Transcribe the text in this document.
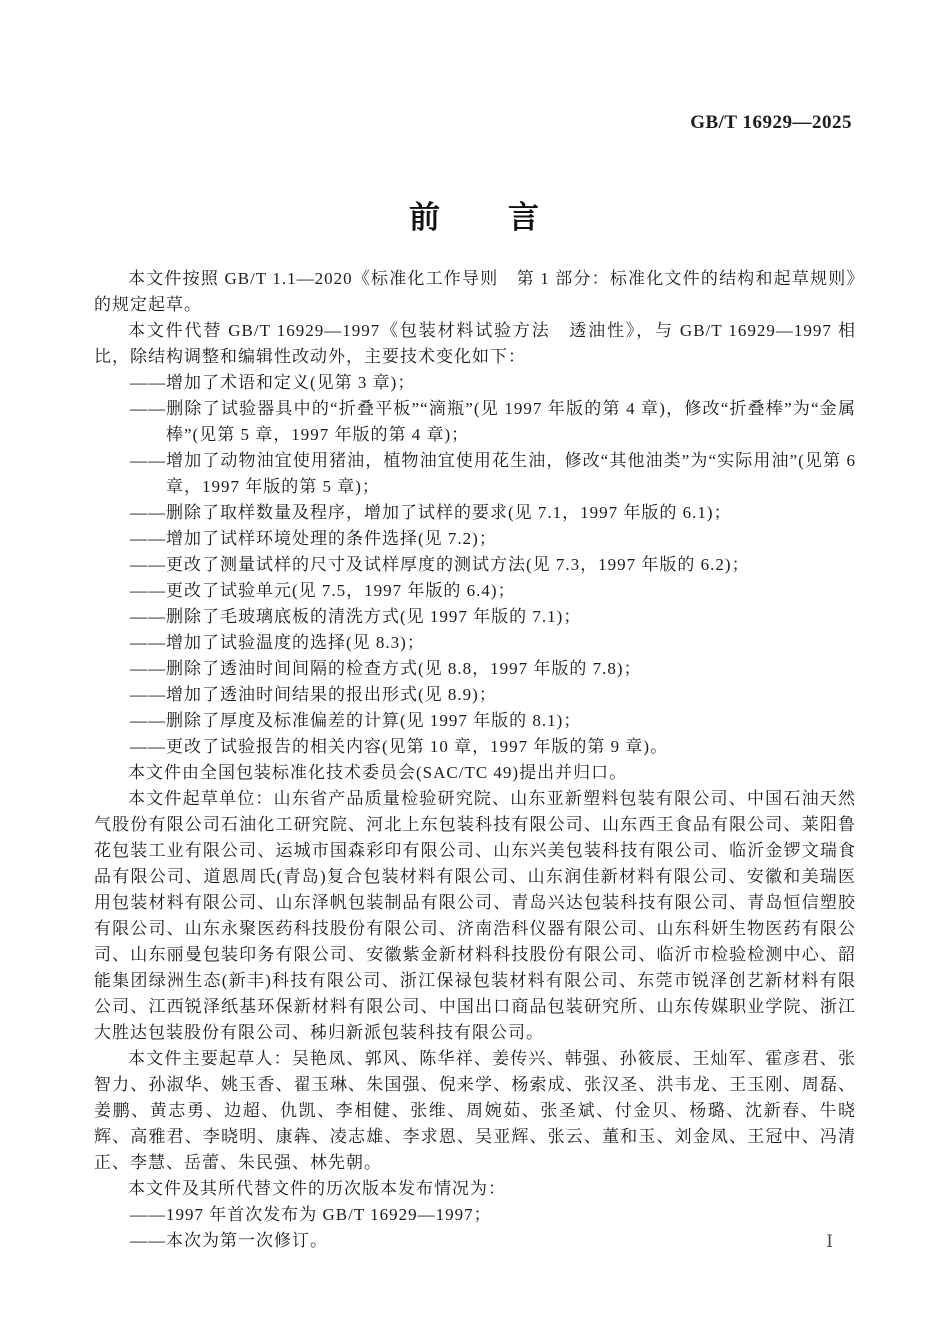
GB/T 16929—2025
前　　言

本文件按照 GB/T 1.1—2020《标准化工作导则　第 1 部分：标准化文件的结构和起草规则》的规定起草。

本文件代替 GB/T 16929—1997《包装材料试验方法　透油性》，与 GB/T 16929—1997 相比，除结构调整和编辑性改动外，主要技术变化如下：

——增加了术语和定义(见第 3 章)；
——删除了试验器具中的“折叠平板”“滴瓶”(见 1997 年版的第 4 章)，修改“折叠棒”为“金属棒”(见第 5 章，1997 年版的第 4 章)；
——增加了动物油宜使用猪油，植物油宜使用花生油，修改“其他油类”为“实际用油”(见第 6 章，1997 年版的第 5 章)；
——删除了取样数量及程序，增加了试样的要求(见 7.1，1997 年版的 6.1)；
——增加了试样环境处理的条件选择(见 7.2)；
——更改了测量试样的尺寸及试样厚度的测试方法(见 7.3，1997 年版的 6.2)；
——更改了试验单元(见 7.5，1997 年版的 6.4)；
——删除了毛玻璃底板的清洗方式(见 1997 年版的 7.1)；
——增加了试验温度的选择(见 8.3)；
——删除了透油时间间隔的检查方式(见 8.8，1997 年版的 7.8)；
——增加了透油时间结果的报出形式(见 8.9)；
——删除了厚度及标准偏差的计算(见 1997 年版的 8.1)；
——更改了试验报告的相关内容(见第 10 章，1997 年版的第 9 章)。

本文件由全国包装标准化技术委员会(SAC/TC 49)提出并归口。

本文件起草单位：山东省产品质量检验研究院、山东亚新塑料包装有限公司、中国石油天然气股份有限公司石油化工研究院、河北上东包装科技有限公司、山东西王食品有限公司、莱阳鲁花包装工业有限公司、运城市国森彩印有限公司、山东兴美包装科技有限公司、临沂金锣文瑞食品有限公司、道恩周氏(青岛)复合包装材料有限公司、山东润佳新材料有限公司、安徽和美瑞医用包装材料有限公司、山东泽帆包装制品有限公司、青岛兴达包装科技有限公司、青岛恒信塑胶有限公司、山东永聚医药科技股份有限公司、济南浩科仪器有限公司、山东科妍生物医药有限公司、山东丽曼包装印务有限公司、安徽紫金新材料科技股份有限公司、临沂市检验检测中心、韶能集团绿洲生态(新丰)科技有限公司、浙江保禄包装材料有限公司、东莞市锐泽创艺新材料有限公司、江西锐泽纸基环保新材料有限公司、中国出口商品包装研究所、山东传媒职业学院、浙江大胜达包装股份有限公司、秭归新派包装科技有限公司。

本文件主要起草人：吴艳凤、郭风、陈华祥、姜传兴、韩强、孙筱辰、王灿军、霍彦君、张智力、孙淑华、姚玉香、翟玉琳、朱国强、倪来学、杨索成、张汉圣、洪韦龙、王玉刚、周磊、姜鹏、黄志勇、边超、仇凯、李相健、张维、周婉茹、张圣斌、付金贝、杨璐、沈新春、牛晓辉、高雅君、李晓明、康犇、凌志雄、李求恩、吴亚辉、张云、董和玉、刘金凤、王冠中、冯清正、李慧、岳蕾、朱民强、林先朝。

本文件及其所代替文件的历次版本发布情况为：

——1997 年首次发布为 GB/T 16929—1997；
——本次为第一次修订。	Ⅰ
